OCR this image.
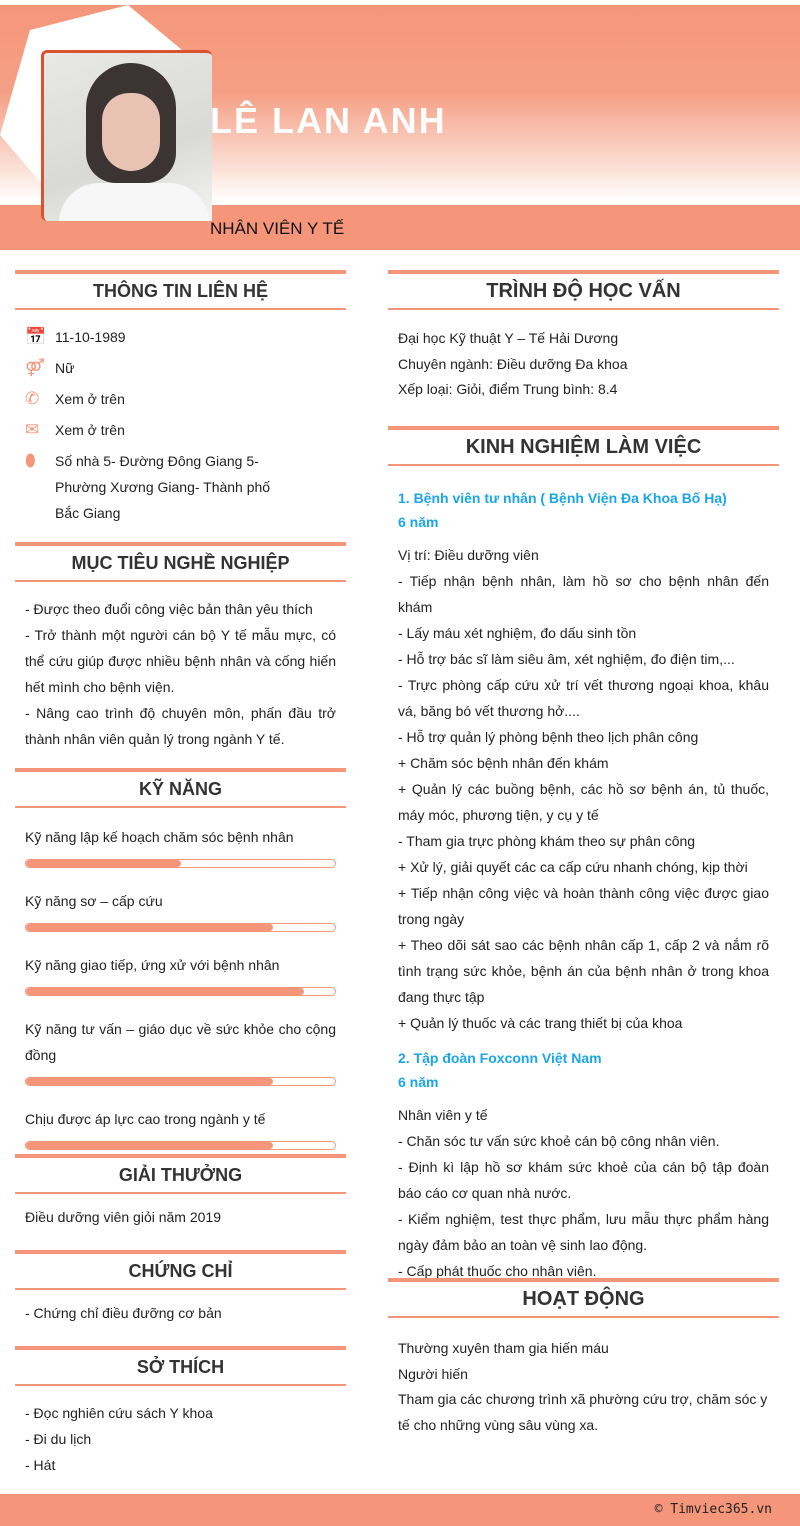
LÊ LAN ANH
NHÂN VIÊN Y TẾ
THÔNG TIN LIÊN HỆ
📅 11-10-1989
⚤ Nữ
✆	Xem ở trên
✉	Xem ở trên
⬮	Số nhà 5- Đường Đông Giang 5- Phường Xương Giang- Thành phố Bắc Giang
MỤC TIÊU NGHỀ NGHIỆP
- Được theo đuổi công việc bản thân yêu thích
- Trở thành một người cán bộ Y tế mẫu mực, có thể cứu giúp được nhiều bệnh nhân và cống hiến hết mình cho bệnh viện.
- Nâng cao trình độ chuyên môn, phấn đầu trở thành nhân viên quản lý trong ngành Y tế.
KỸ NĂNG
Kỹ năng lập kế hoạch chăm sóc bệnh nhân
Kỹ năng sơ – cấp cứu
Kỹ năng giao tiếp, ứng xử với bệnh nhân
Kỹ năng tư vấn – giáo dục về sức khỏe cho cộng đồng
Chịu được áp lực cao trong ngành y tế
GIẢI THƯỞNG
Điều dưỡng viên giỏi năm 2019
CHỨNG CHỈ
- Chứng chỉ điều đưỡng cơ bản
SỞ THÍCH
- Đọc nghiên cứu sách Y khoa
- Đi du lịch
- Hát
TRÌNH ĐỘ HỌC VẤN
Đại học Kỹ thuật Y – Tế Hải Dương
Chuyên ngành: Điều dưỡng Đa khoa
Xếp loại: Giỏi, điểm Trung bình: 8.4
KINH NGHIỆM LÀM VIỆC
1. Bệnh viên tư nhân ( Bệnh Viện Đa Khoa Bố Hạ)
6 năm
Vị trí: Điều dưỡng viên
- Tiếp nhận bệnh nhân, làm hồ sơ cho bệnh nhân đến khám
- Lấy máu xét nghiệm, đo dấu sinh tồn
- Hỗ trợ bác sĩ làm siêu âm, xét nghiệm, đo điện tim,...
- Trực phòng cấp cứu xử trí vết thương ngoại khoa, khâu vá, băng bó vết thương hở....
- Hỗ trợ quản lý phòng bệnh theo lịch phân công
+ Chăm sóc bệnh nhân đến khám
+ Quản lý các buồng bệnh, các hồ sơ bệnh án, tủ thuốc, máy móc, phương tiện, y cụ y tế
- Tham gia trực phòng khám theo sự phân công
+ Xử lý, giải quyết các ca cấp cứu nhanh chóng, kịp thời
+ Tiếp nhận công việc và hoàn thành công việc được giao trong ngày
+ Theo dõi sát sao các bệnh nhân cấp 1, cấp 2 và nắm rõ tình trạng sức khỏe, bệnh án của bệnh nhân ở trong khoa đang thực tập
+ Quản lý thuốc và các trang thiết bị của khoa
2. Tập đoàn Foxconn Việt Nam
6 năm
Nhân viên y tế
- Chăn sóc tư vấn sức khoẻ cán bộ công nhân viên.
- Định kì lập hồ sơ khám sức khoẻ của cán bộ tập đoàn báo cáo cơ quan nhà nước.
- Kiểm nghiệm, test thực phẩm, lưu mẫu thực phẩm hàng ngày đảm bảo an toàn vệ sinh lao động.
- Cấp phát thuốc cho nhân viên.
HOẠT ĐỘNG
Thường xuyên tham gia hiến máu
Người hiến
Tham gia các chương trình xã phường cứu trợ, chăm sóc y tế cho những vùng sâu vùng xa.
© Timviec365.vn
